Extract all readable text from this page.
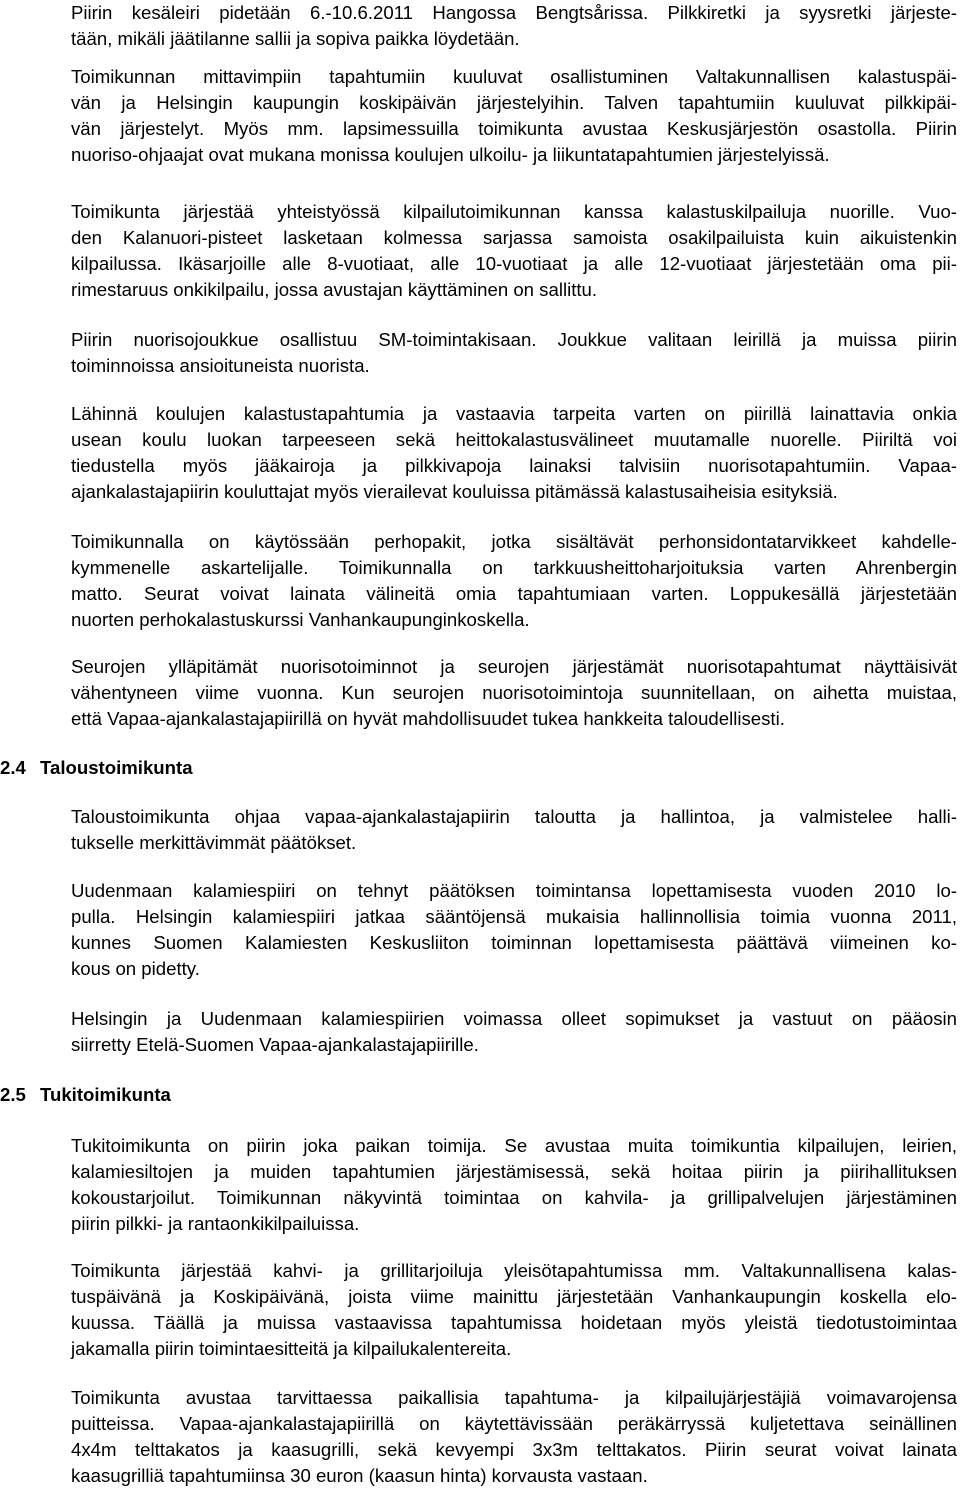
Piirin kesäleiri pidetään 6.-10.6.2011 Hangossa Bengtsårissa. Pilkkiretki ja syysretki järjeste-
tään, mikäli jäätilanne sallii ja sopiva paikka löydetään.
Toimikunnan mittavimpiin tapahtumiin kuuluvat osallistuminen Valtakunnallisen kalastuspäi-
vän ja Helsingin kaupungin koskipäivän järjestelyihin. Talven tapahtumiin kuuluvat pilkkipäi-
vän järjestelyt. Myös mm. lapsimessuilla toimikunta avustaa Keskusjärjestön osastolla. Piirin
nuoriso-ohjaajat ovat mukana monissa koulujen ulkoilu- ja liikuntatapahtumien järjestelyissä.
Toimikunta järjestää yhteistyössä kilpailutoimikunnan kanssa kalastuskilpailuja nuorille. Vuo-
den Kalanuori-pisteet lasketaan kolmessa sarjassa samoista osakilpailuista kuin aikuistenkin
kilpailussa. Ikäsarjoille alle 8-vuotiaat, alle 10-vuotiaat ja alle 12-vuotiaat järjestetään oma pii-
rimestaruus onkikilpailu, jossa avustajan käyttäminen on sallittu.
Piirin nuorisojoukkue osallistuu SM-toimintakisaan. Joukkue valitaan leirillä ja muissa piirin
toiminnoissa ansioituneista nuorista.
Lähinnä koulujen kalastustapahtumia ja vastaavia tarpeita varten on piirillä lainattavia onkia
usean koulu luokan tarpeeseen sekä heittokalastusvälineet muutamalle nuorelle. Piiriltä voi
tiedustella myös jääkairoja ja pilkkivapoja lainaksi talvisiin nuorisotapahtumiin. Vapaa-
ajankalastajapiirin kouluttajat myös vierailevat kouluissa pitämässä kalastusaiheisia esityksiä.
Toimikunnalla on käytössään perhopakit, jotka sisältävät perhonsidontatarvikkeet kahdelle-
kymmenelle askartelijalle. Toimikunnalla on tarkkuusheittoharjoituksia varten Ahrenbergin
matto. Seurat voivat lainata välineitä omia tapahtumiaan varten. Loppukesällä järjestetään
nuorten perhokalastuskurssi Vanhankaupunginkoskella.
Seurojen ylläpitämät nuorisotoiminnot ja seurojen järjestämät nuorisotapahtumat näyttäisivät
vähentyneen viime vuonna. Kun seurojen nuorisotoimintoja suunnitellaan, on aihetta muistaa,
että Vapaa-ajankalastajapiirillä on hyvät mahdollisuudet tukea hankkeita taloudellisesti.
2.4 Taloustoimikunta
Taloustoimikunta ohjaa vapaa-ajankalastajapiirin taloutta ja hallintoa, ja valmistelee halli-
tukselle merkittävimmät päätökset.
Uudenmaan kalamiespiiri on tehnyt päätöksen toimintansa lopettamisesta vuoden 2010 lo-
pulla. Helsingin kalamiespiiri jatkaa sääntöjensä mukaisia hallinnollisia toimia vuonna 2011,
kunnes Suomen Kalamiesten Keskusliiton toiminnan lopettamisesta päättävä viimeinen ko-
kous on pidetty.
Helsingin ja Uudenmaan kalamiespiirien voimassa olleet sopimukset ja vastuut on pääosin
siirretty Etelä-Suomen Vapaa-ajankalastajapiirille.
2.5 Tukitoimikunta
Tukitoimikunta on piirin joka paikan toimija. Se avustaa muita toimikuntia kilpailujen, leirien,
kalamiesiltojen ja muiden tapahtumien järjestämisessä, sekä hoitaa piirin ja piirihallituksen
kokoustarjoilut. Toimikunnan näkyvintä toimintaa on kahvila- ja grillipalvelujen järjestäminen
piirin pilkki- ja rantaonkikilpailuissa.
Toimikunta järjestää kahvi- ja grillitarjoiluja yleisötapahtumissa mm. Valtakunnallisena kalas-
tuspäivänä ja Koskipäivänä, joista viime mainittu järjestetään Vanhankaupungin koskella elo-
kuussa. Täällä ja muissa vastaavissa tapahtumissa hoidetaan myös yleistä tiedotustoimintaa
jakamalla piirin toimintaesitteitä ja kilpailukalentereita.
Toimikunta avustaa tarvittaessa paikallisia tapahtuma- ja kilpailujärjestäjiä voimavarojensa
puitteissa. Vapaa-ajankalastajapiirillä on käytettävissään peräkärryssä kuljetettava seinällinen
4x4m telttakatos ja kaasugrilli, sekä kevyempi 3x3m telttakatos. Piirin seurat voivat lainata
kaasugrilliä tapahtumiinsa 30 euron (kaasun hinta) korvausta vastaan.
